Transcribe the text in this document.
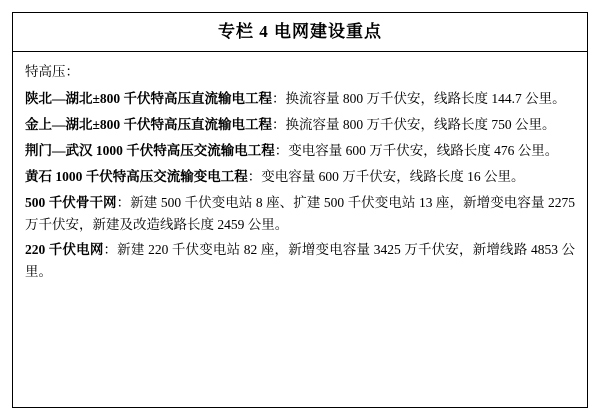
专栏 4 电网建设重点

特高压：

陕北—湖北±800 千伏特高压直流输电工程：换流容量 800 万千伏安，线路长度 144.7 公里。

金上—湖北±800 千伏特高压直流输电工程：换流容量 800 万千伏安，线路长度 750 公里。

荆门—武汉 1000 千伏特高压交流输电工程：变电容量 600 万千伏安，线路长度 476 公里。

黄石 1000 千伏特高压交流输变电工程：变电容量 600 万千伏安，线路长度 16 公里。

500 千伏骨干网：新建 500 千伏变电站 8 座、扩建 500 千伏变电站 13 座，新增变电容量 2275 万千伏安，新建及改造线路长度 2459 公里。

220 千伏电网：新建 220 千伏变电站 82 座，新增变电容量 3425 万千伏安，新增线路 4853 公里。
